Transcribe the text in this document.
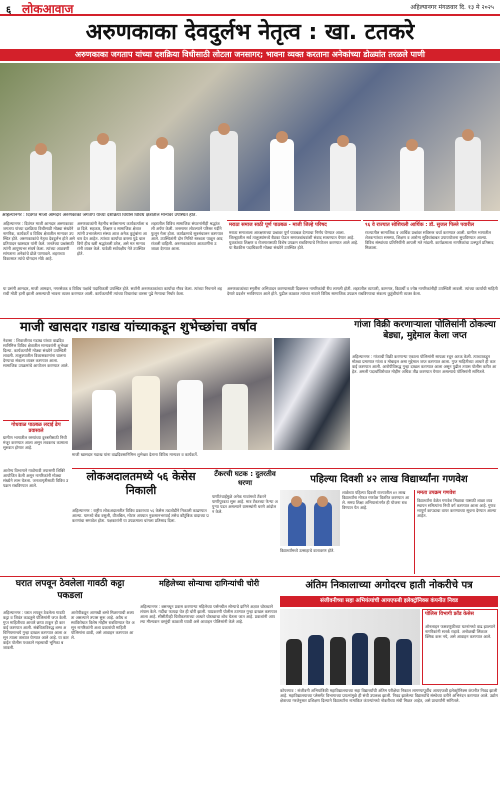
६ लोकआवाज	अहिल्यानगर मंगळवार दि. १३ मे २०२५
अरुणकाका देवदुर्लभ नेतृत्व : खा. टतकरे
अरुणकाका जगताप यांच्या दशक्रिया विधीसाठी लोटला जनसागर; भावना व्यक्त करताना अनेकांच्या डोळ्यांत तरळले पाणी
अहिल्यानगर : दिवंगत माजी आमदार अरुणकाका जगताप यांच्या दशक्रिया विधीस विविध क्षेत्रातील मान्यवर उपस्थित होते.
अहिल्यानगर : दिवंगत माजी आमदार अरुणकाका जगताप यांच्या दशक्रिया विधीसाठी मोठ्या संख्येने नागरिक, कार्यकर्ते व विविध क्षेत्रातील मान्यवर उपस्थित होते. अरुणकाकांचे नेतृत्व देवदुर्लभ होते असे प्रतिपादन खासदार यांनी केले. जनतेच्या प्रश्नांसाठी त्यांनी आयुष्यभर संघर्ष केला. त्यांच्या आठवणी सांगताना अनेकांचे डोळे पाणावले. शहराच्या विकासात त्यांचे योगदान मोठे आहे.
अरुणकाकांनी नेहमीच सर्वसामान्य कार्यकर्त्याला बळ दिले. सहकार, शिक्षण व सामाजिक क्षेत्रात त्यांनी उभारलेल्या संस्था आज अनेक कुटुंबांना आधार देत आहेत. त्यांच्या कार्याचा वारसा पुढे चालविणे हीच खरी श्रद्धांजली ठरेल, असे मत मान्यवरांनी व्यक्त केले. यावेळी सर्वपक्षीय नेते उपस्थित होते.
शहरातील विविध सामाजिक संघटनांनीही श्रद्धांजली अर्पण केली. जनसागर लोटल्याने परिसर गर्दीने फुलून गेला होता. कार्यक्रमाचे सूत्रसंचालन करण्यात आले. उपस्थितांनी दोन मिनिटे स्तब्धता पाळून आदरांजली वाहिली. अरुणकाकांच्या आठवणींना उजाळा देण्यात आला.
मराठा समाज साठी पूर्ण पाठबळ - माजी जिल्हे परिषद
मराठा समाजाला आरक्षणाच्या प्रश्नावर पूर्ण पाठबळ देण्याचा निर्णय घेण्यात आला. जिल्ह्यातील सर्व तालुक्यांमध्ये बैठका घेऊन समाजबांधवांशी संवाद साधण्यात येणार आहे. युवकांच्या शिक्षण व रोजगारासाठी विशेष उपक्रम राबविण्याचे नियोजन करण्यात आले आहे. या बैठकीस पदाधिकारी मोठ्या संख्येने उपस्थित होते.
९६ वे राज्यात सोशियली आर्थिक : डॉ. सुजल पिल्ले पवारील
राज्यातील सामाजिक व आर्थिक प्रश्नांवर सविस्तर चर्चा करण्यात आली. ग्रामीण भागातील शेतकऱ्यांच्या समस्या, शिक्षण व आरोग्य सुविधांबाबत उपाययोजना सुचविण्यात आल्या. विविध संस्थांच्या प्रतिनिधींनी आपली मते मांडली. कार्यक्रमाला नागरिकांचा उत्स्फूर्त प्रतिसाद मिळाला.
अरुणकाकांच्या स्मृतींना अभिवादन करण्यासाठी दिवसभर नागरिकांची रीघ लागली होती. शहरातील व्यापारी, कामगार, विद्यार्थी व ज्येष्ठ नागरिकांनीही उपस्थिती लावली. त्यांच्या कार्याची माहिती देणारे प्रदर्शन भरविण्यात आले होते. पुढील काळात त्यांच्या नावाने विविध सामाजिक उपक्रम राबविण्याचा संकल्प कुटुंबीयांनी व्यक्त केला.
या प्रसंगी आमदार, माजी आमदार, नगरसेवक व विविध पक्षांचे पदाधिकारी उपस्थित होते. सर्वांनी अरुणकाकांच्या कार्याचा गौरव केला. त्यांच्या निधनाने शहराची मोठी हानी झाली असल्याची भावना व्यक्त करण्यात आली. कार्यकर्त्यांनी त्यांच्या विचारांचा वारसा पुढे नेण्याचा निर्धार केला.
माजी खासदार गडाख यांच्याकडून शुभेच्छांचा वर्षाव	गांजा विक्री करणाऱ्याला पोलिसांनी ठोकल्या बेड्या, मुद्देमाल केला जप्त
नेवासा : शिवाजीराव गडाख यांच्या वाढदिवसानिमित्त विविध क्षेत्रातील मान्यवरांनी शुभेच्छा दिल्या. कार्यकर्त्यांनी मोठ्या संख्येने उपस्थिती लावली. तालुक्यातील विकासकामांना चालना देण्याचा संकल्प व्यक्त करण्यात आला. सामाजिक उपक्रमांचे आयोजन करण्यात आले.
गोधवाळ पाठबळ लदाई ढेप प्रवासाले
ग्रामीण भागातील रस्त्यांच्या दुरुस्तीसाठी निधी मंजूर करण्यात आला असून लवकरच कामाला सुरुवात होणार आहे.
माजी खासदार गडाख यांना वाढदिवसानिमित्त शुभेच्छा देताना विविध मान्यवर व कार्यकर्ते.
अहिल्यानगर : गांजाची विक्री करणाऱ्या एकाला पोलिसांनी सापळा रचून अटक केली. त्याच्याकडून मोठ्या प्रमाणात गांजा व मोबाइल असा मुद्देमाल जप्त करण्यात आला. गुप्त माहितीच्या आधारे ही कारवाई करण्यात आली. आरोपीविरुद्ध गुन्हा दाखल करण्यात आला असून पुढील तपास पोलीस करीत आहेत. अमली पदार्थांविरोधात मोहीम अधिक तीव्र करण्यात येणार असल्याचे पोलिसांनी सांगितले.
लोकअदालतमध्ये ५६ केसेस निकाली
अहिल्यानगर : राष्ट्रीय लोकअदालतीत विविध प्रकारच्या ५६ केसेस तडजोडीने निकाली काढण्यात आल्या. यामध्ये बँक वसुली, वीजबिल, मोटार अपघात नुकसानभरपाई तसेच कौटुंबिक वादाच्या प्रकरणांचा समावेश होता. पक्षकारांनी या उपक्रमाला चांगला प्रतिसाद दिला.
टँकरची घटक : दुतरतीव धरणा
पाणीटंचाईमुळे अनेक गावांमध्ये टँकरने पाणीपुरवठा सुरू आहे. मात्र टँकरच्या फेऱ्या अपुऱ्या पडत असल्याने ग्रामस्थांनी धरणे आंदोलन केले.
पहिल्या दिवशी ४२ लाख विद्यार्थ्यांना गणवेश
शाळेच्या पहिल्या दिवशी राज्यातील ४२ लाख विद्यार्थ्यांना मोफत गणवेश वितरित करण्यात आले. समग्र शिक्षा अभियानांतर्गत ही योजना राबविण्यात येत आहे.
ममता उपक्रम गणवेश
विद्यार्थ्यांना वेळेत गणवेश मिळावा यासाठी शाळा व्यवस्थापन समित्यांना निधी वर्ग करण्यात आला आहे. गुणवत्तापूर्ण कापडाचा वापर करण्याच्या सूचना देण्यात आल्या आहेत.
विद्यार्थ्यांमध्ये उत्साहाचे वातावरण होते.
आरोग्य विभागाने गावोगावी तपासणी शिबिरे आयोजित केली असून नागरिकांनी मोठ्या संख्येने लाभ घेतला. जनजागृतीसाठी विविध उपक्रम राबविण्यात आले.
घरात लपवून ठेवलेला गावठी कट्टा पकडला
अहिल्यानगर : घरात लपवून ठेवलेला गावठी कट्टा व जिवंत काडतुसे पोलिसांनी जप्त केली. गुप्त माहितीच्या आधारे छापा टाकून ही कारवाई करण्यात आली. संबंधिताविरुद्ध शस्त्र अधिनियमान्वये गुन्हा दाखल करण्यात आला असून त्याला ताब्यात घेण्यात आले आहे. या कारवाईत पोलीस पथकाने महत्त्वाची भूमिका बजावली.
आरोपीकडून आणखी शस्त्रे मिळण्याची शक्यता असल्याने तपास सुरू आहे. अवैध शस्त्रांविरोधात विशेष मोहीम राबविण्यात येत असून नागरिकांनी अशा प्रकारांची माहिती पोलिसांना द्यावी, असे आवाहन करण्यात आले.
महिलेच्या सोन्याचा दागिन्यांची चोरी
अहिल्यानगर : बसमधून प्रवास करणाऱ्या महिलेच्या पर्समधील सोन्याचे दागिने अज्ञात चोरट्याने लंपास केले. गर्दीचा फायदा घेत ही चोरी झाली. याप्रकरणी पोलीस ठाण्यात गुन्हा दाखल करण्यात आला आहे. सीसीटीव्ही चित्रीकरणाच्या आधारे चोरट्याचा शोध घेतला जात आहे. प्रवाशांनी आपल्या मौल्यवान वस्तूंची काळजी घ्यावी असे आवाहन पोलिसांनी केले आहे.
अंतिम निकालाच्या अगोदरच हाती नोकरीचे पत्र
संजीवनीच्या सहा अभियंत्यांची आयएफबी इलेक्ट्रॉनिक्स कंपनीत निवड
पोलिस विभागी फ्रॉड केसेस
ऑनलाइन फसवणुकीच्या घटनांमध्ये वाढ झाल्याने नागरिकांनी सतर्क राहावे. अनोळखी लिंकवर क्लिक करू नये, असे आवाहन करण्यात आले.
कोपरगाव : संजीवनी अभियांत्रिकी महाविद्यालयाच्या सहा विद्यार्थ्यांची अंतिम परीक्षेचा निकाल लागण्यापूर्वीच आयएफबी इलेक्ट्रॉनिक्स कंपनीत निवड झाली आहे. महाविद्यालयाच्या प्लेसमेंट विभागाच्या प्रयत्नांमुळे ही संधी उपलब्ध झाली. निवड झालेल्या विद्यार्थ्यांचे संस्थेच्या वतीने अभिनंदन करण्यात आले. उद्योगक्षेत्राच्या गरजेनुसार प्रशिक्षण दिल्याने विद्यार्थ्यांना नामांकित कंपन्यांमध्ये नोकरीच्या संधी मिळत आहेत, असे प्राचार्यांनी सांगितले.
